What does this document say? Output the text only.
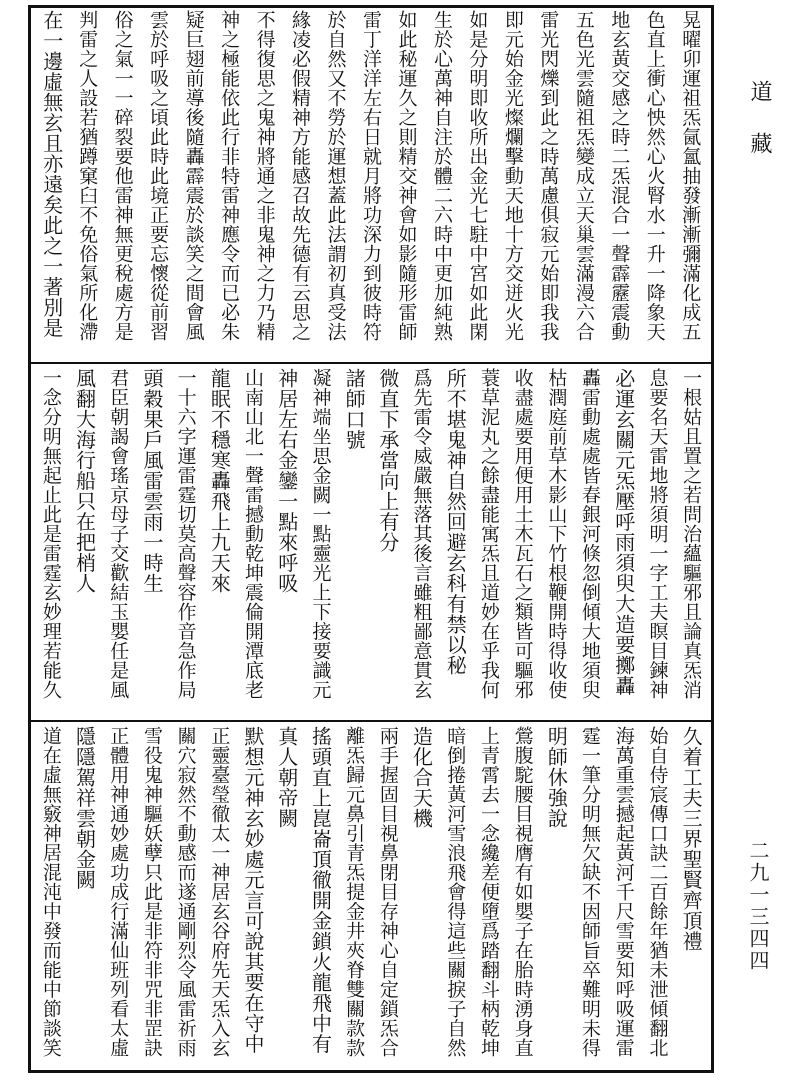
晃曜卯運祖炁氤氳抽發漸漸彌滿化成五
色直上衝心怏然心火腎水一升一降象天
地玄黃交感之時二炁混合一聲霹靂震動
五色光雲隨祖炁變成立天巢雲滿漫六合
雷光閃爍到此之時萬慮俱寂元始即我我
即元始金光燦爛擊動天地十方交迸火光
如是分明即收所出金光七駐中宮如此閑
生於心萬神自注於體二六時中更加純熟
如此秘運久之則精交神會如影隨形雷師
雷丁洋洋左右日就月將功深力到彼時符
於自然又不勞於運想蓋此法謂初真受法
緣凌必假精神方能感召故先德有云思之
不得復思之鬼神將通之非鬼神之力乃精
神之極能依此行非特雷神應令而已必朱
疑巨翅前導後隨轟霹震於談笑之間會風
雲於呼吸之頃此時此境正要忘懷從前習
俗之氣一一碎裂要他雷神無更稅處方是
判雷之人設若猶蹲窠臼不免俗氣所化滯
在一邊虛無玄且亦遠矣此之一著別是
一根姑且置之若問治蘊驅邪且論真炁消
息要名天雷地將須明一字工夫瞑目鍊神
必運玄關元炁壓呼雨須臾大造要擲轟
轟雷動處處皆春銀河倏忽倒傾大地須臾
枯潤庭前草木影山下竹根鞭開時得收使
收盡處要用便用土木瓦石之類皆可驅邪
蓑草泥丸之餘盡能寓炁且道妙在乎我何
所不堪鬼神自然回避玄科有禁以秘
爲先雷令威嚴無落其後言雖粗鄙意貫玄
微直下承當向上有分
諸師口號
凝神端坐思金闕一點靈光上下接要識元
神居左右金鑾一點來呼吸
山南山北一聲雷撼動乾坤震倫開潭底老
龍眠不穩寒轟飛上九天來
一十六字運雷霆切莫高聲容作音急作局
頭穀果戶風雷雲雨一時生
君臣朝謁會瑤京母子交歡結玉嬰任是風
風翻大海行船只在把梢人
一念分明無起止此是雷霆玄妙理若能久
久着工夫三界聖賢齊頂禮
始自侍宸傳口訣二百餘年猶未泄傾翻北
海萬重雲撼起黃河千尺雪要知呼吸運雷
霆一筆分明無欠缺不因師旨卒難明未得
明師休強說
鶯腹駝腰目視膺有如嬰子在胎時湧身直
上青霄去一念纔差便墮爲踏翻斗柄乾坤
暗倒捲黃河雪浪飛會得這些關捩子自然
造化合天機
兩手握固目視鼻閉目存神心自定鎖炁合
離炁歸元鼻引青炁提金井夾脊雙關款款
搖頭直上崑崙頂徹開金鎖火龍飛中有
真人朝帝闕
默想元神玄妙處元言可說其要在守中
正靈臺瑩徹太一神居玄谷府先天炁入玄
關穴寂然不動感而遂通剛烈令風雷祈雨
雪役鬼神驅妖孽只此是非符非咒非罡訣
正體用神通妙處功成行滿仙班列看太虛
隱隱駕祥雲朝金闕
道在虛無竅神居混沌中發而能中節談笑
道藏
二九一三四四
